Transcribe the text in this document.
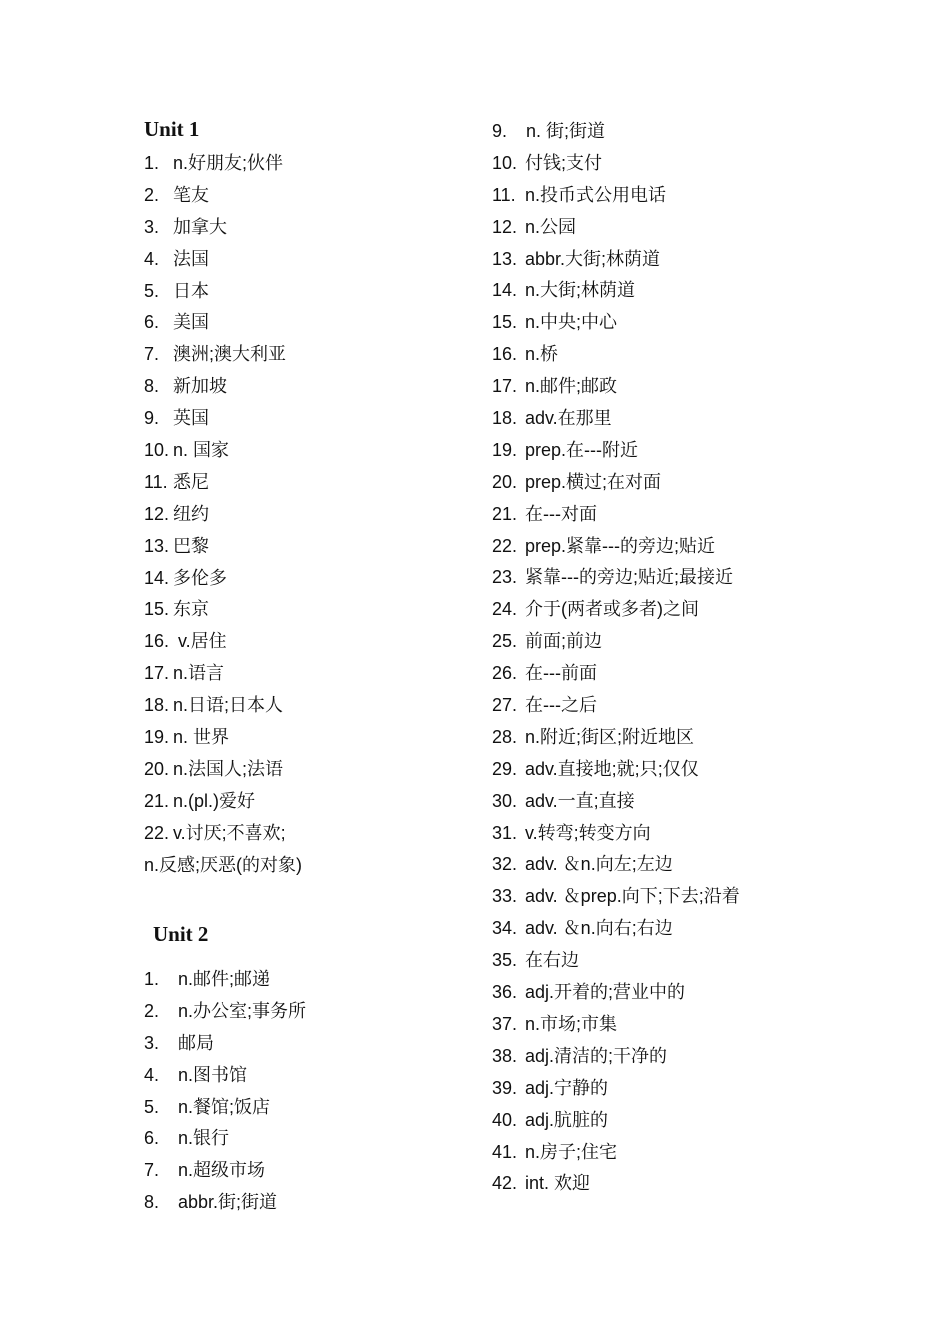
Unit 1
1. n.好朋友;伙伴
2. 笔友
3. 加拿大
4. 法国
5. 日本
6. 美国
7. 澳洲;澳大利亚
8. 新加坡
9. 英国
10. n. 国家
11. 悉尼
12. 纽约
13. 巴黎
14. 多伦多
15. 东京
16. v.居住
17. n.语言
18. n.日语;日本人
19. n. 世界
20. n.法国人;法语
21. n.(pl.)爱好
22. v.讨厌;不喜欢;
n.反感;厌恶(的对象)
Unit 2
1. n.邮件;邮递
2. n.办公室;事务所
3. 邮局
4. n.图书馆
5. n.餐馆;饭店
6. n.银行
7. n.超级市场
8. abbr.街;街道
9. n. 街;街道
10. 付钱;支付
11. n.投币式公用电话
12. n.公园
13. abbr.大街;林荫道
14. n.大街;林荫道
15. n.中央;中心
16. n.桥
17. n.邮件;邮政
18. adv.在那里
19. prep.在---附近
20. prep.横过;在对面
21. 在---对面
22. prep.紧靠---的旁边;贴近
23. 紧靠---的旁边;贴近;最接近
24. 介于(两者或多者)之间
25. 前面;前边
26. 在---前面
27. 在---之后
28. n.附近;街区;附近地区
29. adv.直接地;就;只;仅仅
30. adv.一直;直接
31. v.转弯;转变方向
32. adv. ＆n.向左;左边
33. adv. ＆prep.向下;下去;沿着
34. adv. ＆n.向右;右边
35. 在右边
36. adj.开着的;营业中的
37. n.市场;市集
38. adj.清洁的;干净的
39. adj.宁静的
40. adj.肮脏的
41. n.房子;住宅
42. int. 欢迎
